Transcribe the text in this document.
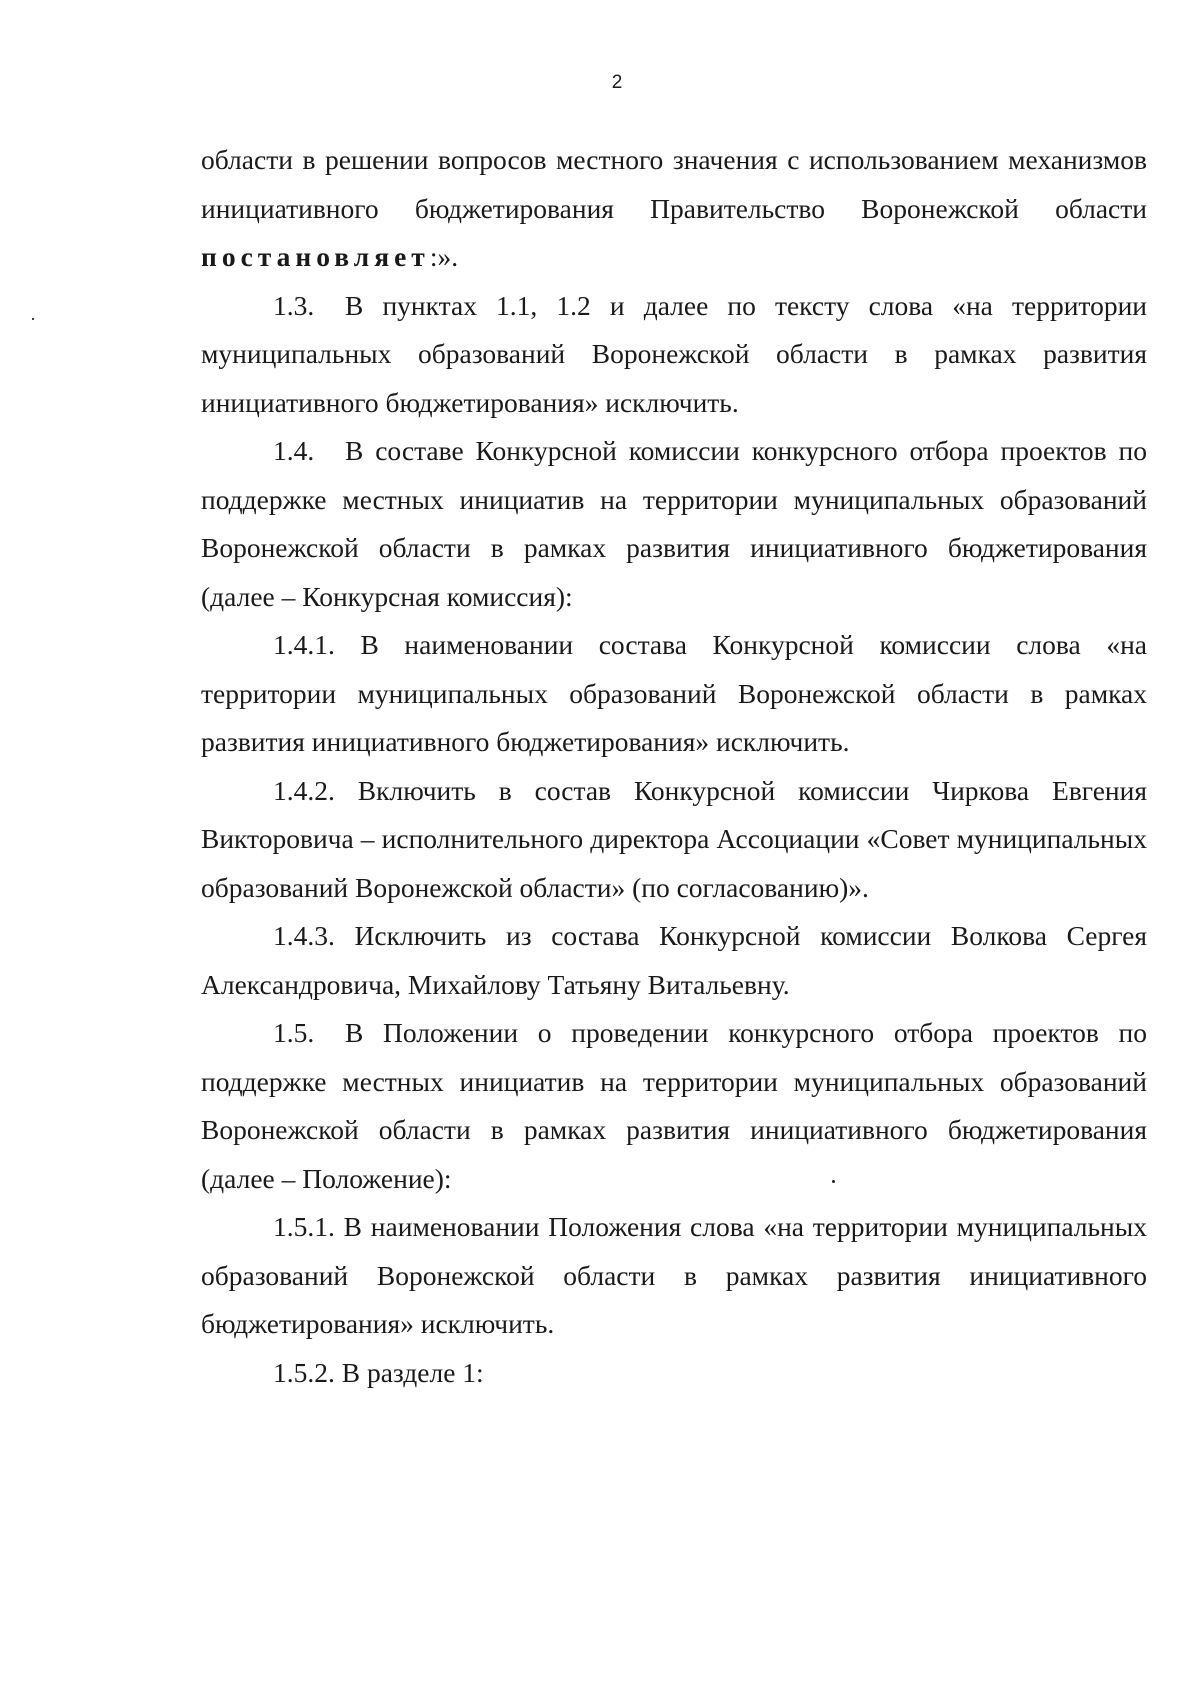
2

области в решении вопросов местного значения с использованием механизмов инициативного бюджетирования Правительство Воронежской области постановляет:».

1.3. В пунктах 1.1, 1.2 и далее по тексту слова «на территории муниципальных образований Воронежской области в рамках развития инициативного бюджетирования» исключить.

1.4. В составе Конкурсной комиссии конкурсного отбора проектов по поддержке местных инициатив на территории муниципальных образований Воронежской области в рамках развития инициативного бюджетирования (далее – Конкурсная комиссия):

1.4.1. В наименовании состава Конкурсной комиссии слова «на территории муниципальных образований Воронежской области в рамках развития инициативного бюджетирования» исключить.

1.4.2. Включить в состав Конкурсной комиссии Чиркова Евгения Викторовича – исполнительного директора Ассоциации «Совет муниципальных образований Воронежской области» (по согласованию)».

1.4.3. Исключить из состава Конкурсной комиссии Волкова Сергея Александровича, Михайлову Татьяну Витальевну.

1.5. В Положении о проведении конкурсного отбора проектов по поддержке местных инициатив на территории муниципальных образований Воронежской области в рамках развития инициативного бюджетирования (далее – Положение):

1.5.1. В наименовании Положения слова «на территории муниципальных образований Воронежской области в рамках развития инициативного бюджетирования» исключить.

1.5.2. В разделе 1:
